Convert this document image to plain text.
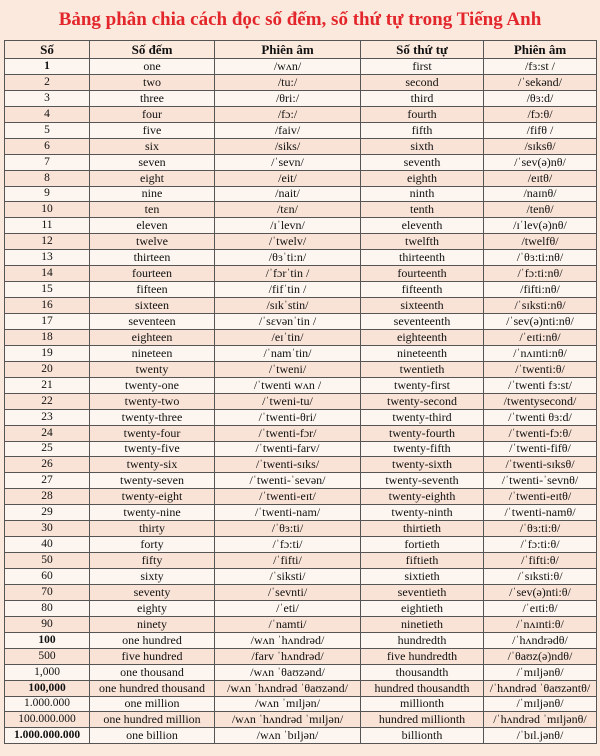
Bảng phân chia cách đọc số đếm, số thứ tự trong Tiếng Anh
Số	Số đếm	Phiên âm	Số thứ tự	Phiên âm
1	one	/wʌn/	first	/fɜ:st /
2	two	/tu:/	second	/ˈsekənd/
3	three	/θri:/	third	/θɜ:d/
4	four	/fɔ:/	fourth	/fɔ:θ/
5	five	/faiv/	fifth	/fifθ /
6	six	/siks/	sixth	/sɪksθ/
7	seven	/ˈsevn/	seventh	/ˈsev(ə)nθ/
8	eight	/eit/	eighth	/eɪtθ/
9	nine	/nait/	ninth	/naɪnθ/
10	ten	/tɛn/	tenth	/tenθ/
11	eleven	/ɪˈlevn/	eleventh	/ɪˈlev(ə)nθ/
12	twelve	/ˈtwelv/	twelfth	/twelfθ/
13	thirteen	/θɜˈti:n/	thirteenth	/ˈθɜ:ti:nθ/
14	fourteen	/ˈfɔrˈtin /	fourteenth	/ˈfɔ:ti:nθ/
15	fifteen	/fifˈtin /	fifteenth	/fifti:nθ/
16	sixteen	/sɪkˈstin/	sixteenth	/ˈsɪksti:nθ/
17	seventeen	/ˈsɛvənˈtin /	seventeenth	/ˈsev(ə)nti:nθ/
18	eighteen	/eɪˈtin/	eighteenth	/ˈeɪti:nθ/
19	nineteen	/ˈnamˈtin/	nineteenth	/ˈnʌɪnti:nθ/
20	twenty	/ˈtweni/	twentieth	/ˈtwenti:θ/
21	twenty-one	/ˈtwenti wʌn /	twenty-first	/ˈtwenti fɜ:st/
22	twenty-two	/ˈtweni-tu/	twenty-second	/twentysecond/
23	twenty-three	/ˈtwenti-θri/	twenty-third	/ˈtwenti θɜ:d/
24	twenty-four	/ˈtwenti-fɔr/	twenty-fourth	/ˈtwenti-fɔ:θ/
25	twenty-five	/ˈtwenti-farv/	twenty-fifth	/ˈtwenti-fifθ/
26	twenty-six	/ˈtwenti-sɪks/	twenty-sixth	/ˈtwenti-sɪksθ/
27	twenty-seven	/ˈtwenti-ˈsevən/	twenty-seventh	/ˈtwenti-ˈsevnθ/
28	twenty-eight	/ˈtwenti-eɪt/	twenty-eighth	/ˈtwenti-eɪtθ/
29	twenty-nine	/ˈtwenti-nam/	twenty-ninth	/ˈtwenti-namθ/
30	thirty	/ˈθɜ:ti/	thirtieth	/ˈθɜ:ti:θ/
40	forty	/ˈfɔ:ti/	fortieth	/ˈfɔ:ti:θ/
50	fifty	/ˈfifti/	fiftieth	/ˈfifti:θ/
60	sixty	/ˈsiksti/	sixtieth	/ˈsɪksti:θ/
70	seventy	/ˈsevnti/	seventieth	/ˈsev(ə)nti:θ/
80	eighty	/ˈeti/	eightieth	/ˈeɪti:θ/
90	ninety	/ˈnamti/	ninetieth	/ˈnʌɪnti:θ/
100	one hundred	/wʌn ˈhʌndrəd/	hundredth	/ˈhʌndrədθ/
500	five hundred	/farv ˈhʌndrəd/	five hundredth	/ˈθaʊz(ə)ndθ/
1,000	one thousand	/wʌn ˈθaʊzənd/	thousandth	/ˈmɪljənθ/
100,000	one hundred thousand	/wʌn ˈhʌndrəd ˈθaʊzənd/	hundred thousandth	/ˈhʌndrəd ˈθaʊzəntθ/
1.000.000	one million	/wʌn ˈmɪljən/	millionth	/ˈmɪljənθ/
100.000.000	one hundred million	/wʌn ˈhʌndrəd ˈmɪljən/	hundred millionth	/ˈhʌndrəd ˈmɪljənθ/
1.000.000.000	one billion	/wʌn ˈbɪljən/	billionth	/ˈbɪl.jənθ/
